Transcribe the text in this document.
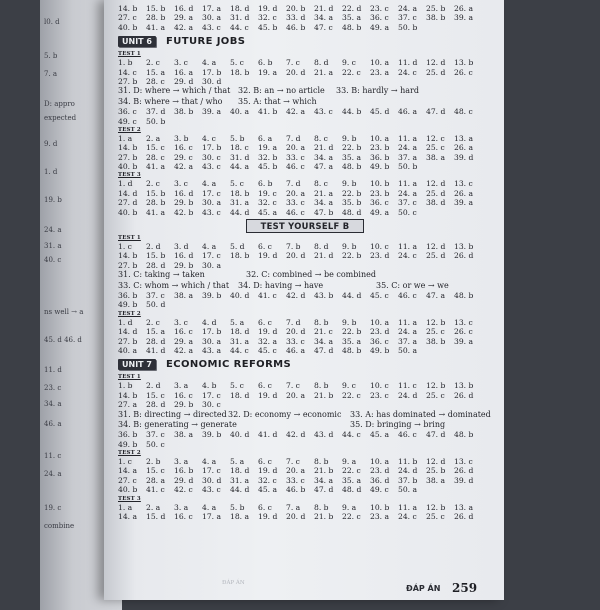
l0. d
5. b
7. a
D: appro
expected
9. d
1. d
19. b
24. a
31. a
40. c
ns well → a
45. d 46. d
11. d
23. c
34. a
46. a
11. c
24. a
19. c
combine
14. b 15. b 16. d 17. a 18. d 19. d 20. b 21. d 22. d 23. c 24. a 25. b 26. a
27. c 28. b 29. a 30. a 31. d 32. c 33. d 34. a 35. a 36. c 37. c 38. b 39. a
40. b 41. a 42. a 43. c 44. c 45. b 46. b 47. c 48. b 49. a 50. b
UNIT 6	FUTURE JOBS
TEST 1
1. b 2. c 3. c 4. a 5. c 6. b 7. c 8. d 9. c 10. a 11. d 12. d 13. b
14. c 15. a 16. a 17. b 18. b 19. a 20. d 21. a 22. c 23. a 24. c 25. d 26. c
27. b 28. c 29. d 30. d
31. D: where → which / that 32. B: an → no article 33. B: hardly → hard
34. B: where → that / who 35. A: that → which
36. c 37. d 38. b 39. a 40. a 41. b 42. a 43. c 44. b 45. d 46. a 47. d 48. c
49. c 50. b
TEST 2
1. a 2. a 3. b 4. c 5. b 6. a 7. d 8. c 9. b 10. a 11. a 12. c 13. a
14. b 15. c 16. c 17. b 18. c 19. a 20. a 21. d 22. b 23. b 24. a 25. c 26. a
27. b 28. c 29. c 30. c 31. d 32. b 33. c 34. a 35. a 36. b 37. a 38. a 39. d
40. b 41. a 42. a 43. c 44. a 45. b 46. c 47. a 48. b 49. b 50. b
TEST 3
1. d 2. c 3. c 4. a 5. c 6. b 7. d 8. c 9. b 10. b 11. a 12. d 13. c
14. d 15. b 16. d 17. c 18. b 19. c 20. a 21. a 22. b 23. b 24. a 25. d 26. a
27. d 28. b 29. b 30. a 31. a 32. c 33. c 34. a 35. b 36. c 37. c 38. d 39. a
40. b 41. a 42. b 43. c 44. d 45. a 46. c 47. b 48. d 49. a 50. c
TEST YOURSELF B
TEST 1
1. c 2. d 3. d 4. a 5. d 6. c 7. b 8. d 9. b 10. c 11. a 12. d 13. b
14. b 15. b 16. d 17. c 18. b 19. d 20. d 21. d 22. b 23. d 24. c 25. d 26. d
27. b 28. d 29. b 30. a
31. C: taking → taken	32. C: combined → be combined
33. C: whom → which / that 34. D: having → have	35. C: or we → we
36. b 37. c 38. a 39. b 40. d 41. c 42. d 43. b 44. d 45. c 46. c 47. a 48. b
49. b 50. d
TEST 2
1. d 2. c 3. c 4. d 5. a 6. c 7. d 8. b 9. b 10. a 11. a 12. b 13. c
14. d 15. a 16. c 17. b 18. d 19. d 20. d 21. c 22. b 23. d 24. a 25. c 26. c
27. b 28. d 29. a 30. a 31. a 32. a 33. c 34. a 35. a 36. c 37. a 38. b 39. a
40. a 41. d 42. a 43. a 44. c 45. c 46. a 47. d 48. b 49. b 50. a
UNIT 7	ECONOMIC REFORMS
TEST 1
1. b 2. d 3. a 4. b 5. c 6. c 7. c 8. b 9. c 10. c 11. c 12. b 13. b
14. b 15. c 16. c 17. c 18. d 19. d 20. a 21. b 22. c 23. c 24. d 25. c 26. d
27. a 28. d 29. b 30. c
31. B: directing → directed 32. D: economy → economic 33. A: has dominated → dominated
34. B: generating → generate	35. D: bringing → bring
36. b 37. c 38. a 39. b 40. d 41. d 42. d 43. d 44. c 45. a 46. c 47. d 48. b
49. b 50. c
TEST 2
1. c 2. b 3. a 4. a 5. a 6. c 7. c 8. b 9. a 10. a 11. b 12. d 13. c
14. a 15. c 16. b 17. c 18. d 19. d 20. a 21. b 22. c 23. d 24. d 25. b 26. d
27. c 28. a 29. d 30. d 31. a 32. c 33. c 34. a 35. a 36. d 37. b 38. a 39. d
40. b 41. c 42. c 43. c 44. d 45. a 46. b 47. d 48. d 49. c 50. a
TEST 3
1. a 2. a 3. a 4. a 5. b 6. c 7. a 8. b 9. a 10. b 11. a 12. b 13. a
14. a 15. d 16. c 17. a 18. a 19. d 20. d 21. b 22. c 23. a 24. c 25. c 26. d
ĐÁP ÁN
ĐÁP ÁN 259
